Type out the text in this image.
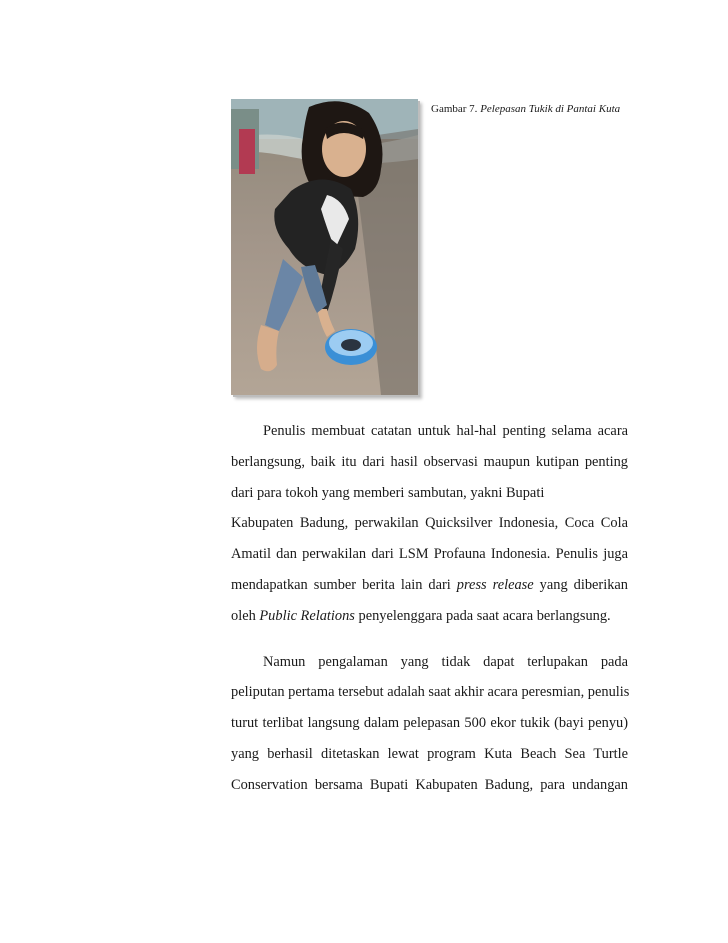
Gambar 7. Pelepasan Tukik di Pantai Kuta

Penulis membuat catatan untuk hal-hal penting selama acara
berlangsung, baik itu dari hasil observasi maupun kutipan penting
dari para tokoh yang memberi sambutan, yakni Bupati
Kabupaten Badung, perwakilan Quicksilver Indonesia, Coca Cola
Amatil dan perwakilan dari LSM Profauna Indonesia. Penulis juga
mendapatkan sumber berita lain dari press release yang diberikan
oleh Public Relations penyelenggara pada saat acara berlangsung.

Namun pengalaman yang tidak dapat terlupakan pada
peliputan pertama tersebut adalah saat akhir acara peresmian, penulis
turut terlibat langsung dalam pelepasan 500 ekor tukik (bayi penyu)
yang berhasil ditetaskan lewat program Kuta Beach Sea Turtle
Conservation bersama Bupati Kabupaten Badung, para undangan
